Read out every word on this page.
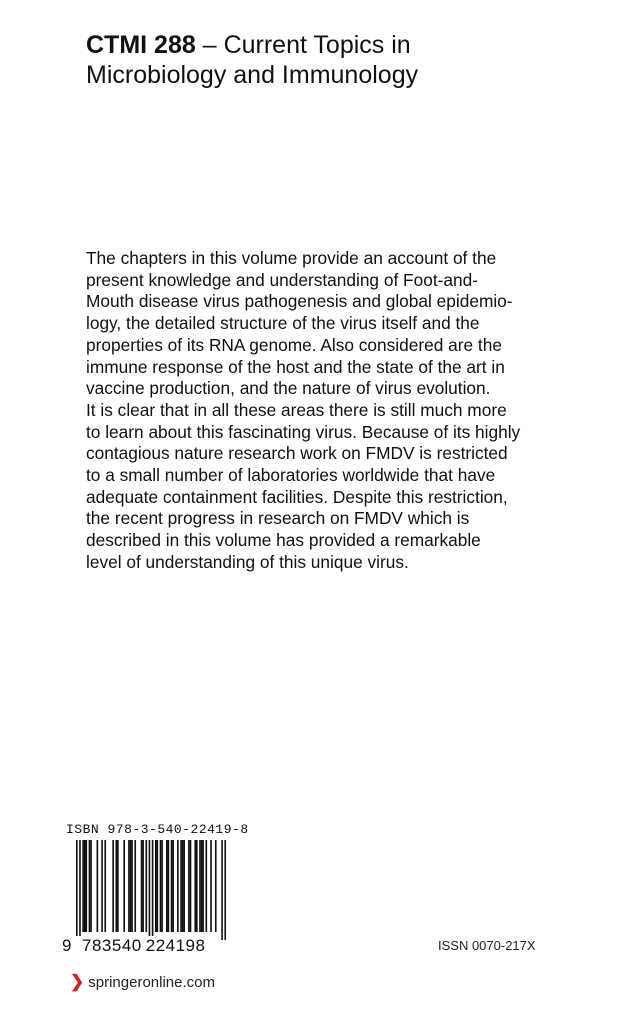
CTMI 288 – Current Topics in
Microbiology and Immunology

The chapters in this volume provide an account of the
present knowledge and understanding of Foot-and-
Mouth disease virus pathogenesis and global epidemio-
logy, the detailed structure of the virus itself and the
properties of its RNA genome. Also considered are the
immune response of the host and the state of the art in
vaccine production, and the nature of virus evolution.
It is clear that in all these areas there is still much more
to learn about this fascinating virus. Because of its highly
contagious nature research work on FMDV is restricted
to a small number of laboratories worldwide that have
adequate containment facilities. Despite this restriction,
the recent progress in research on FMDV which is
described in this volume has provided a remarkable
level of understanding of this unique virus.

ISBN 978-3-540-22419-8
9 783540 224198	ISSN 0070-217X
❯ springeronline.com
